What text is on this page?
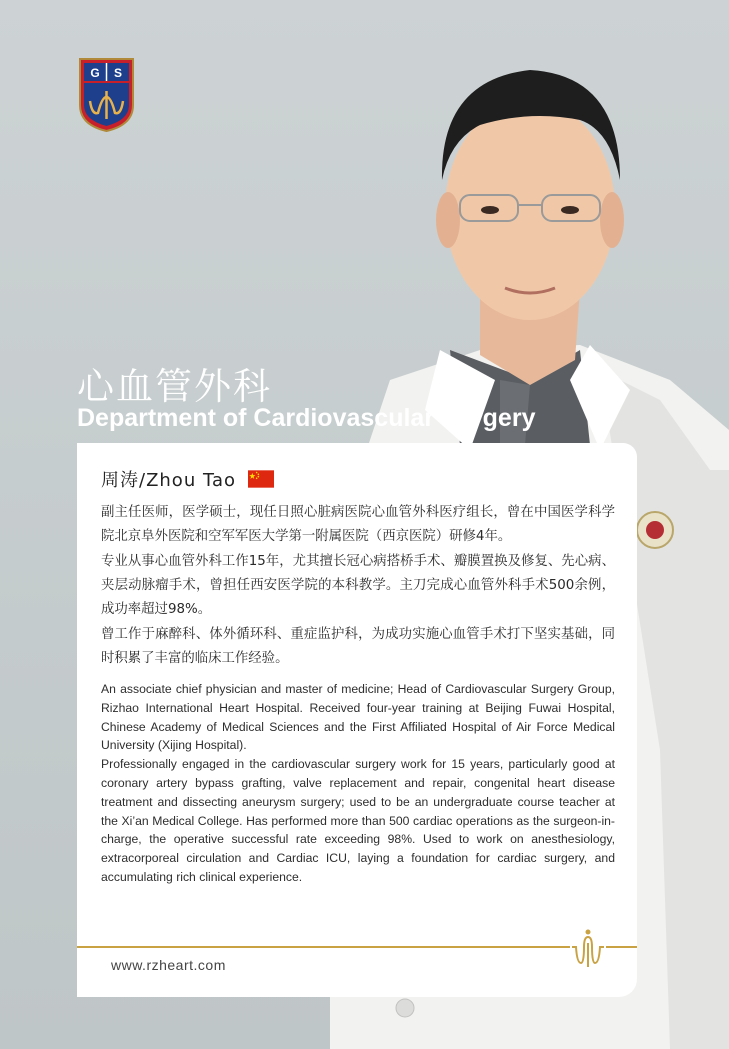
G S
心血管外科
Department of Cardiovascular Surgery
周涛/Zhou Tao

副主任医师，医学硕士，现任日照心脏病医院心血管外科医疗组长，曾在中国医学科学院北京阜外医院和空军军医大学第一附属医院（西京医院）研修4年。

专业从事心血管外科工作15年，尤其擅长冠心病搭桥手术、瓣膜置换及修复、先心病、夹层动脉瘤手术，曾担任西安医学院的本科教学。主刀完成心血管外科手术500余例，成功率超过98%。

曾工作于麻醉科、体外循环科、重症监护科，为成功实施心血管手术打下坚实基础，同时积累了丰富的临床工作经验。

An associate chief physician and master of medicine; Head of Cardiovascular Surgery Group, Rizhao International Heart Hospital. Received four-year training at Beijing Fuwai Hospital, Chinese Academy of Medical Sciences and the First Affiliated Hospital of Air Force Medical University (Xijing Hospital).

Professionally engaged in the cardiovascular surgery work for 15 years, particularly good at coronary artery bypass grafting, valve replacement and repair, congenital heart disease treatment and dissecting aneurysm surgery; used to be an undergraduate course teacher at the Xi’an Medical College. Has performed more than 500 cardiac operations as the surgeon-in-charge, the operative successful rate exceeding 98%. Used to work on anesthesiology, extracorporeal circulation and Cardiac ICU, laying a foundation for cardiac surgery, and accumulating rich clinical experience.

www.rzheart.com
